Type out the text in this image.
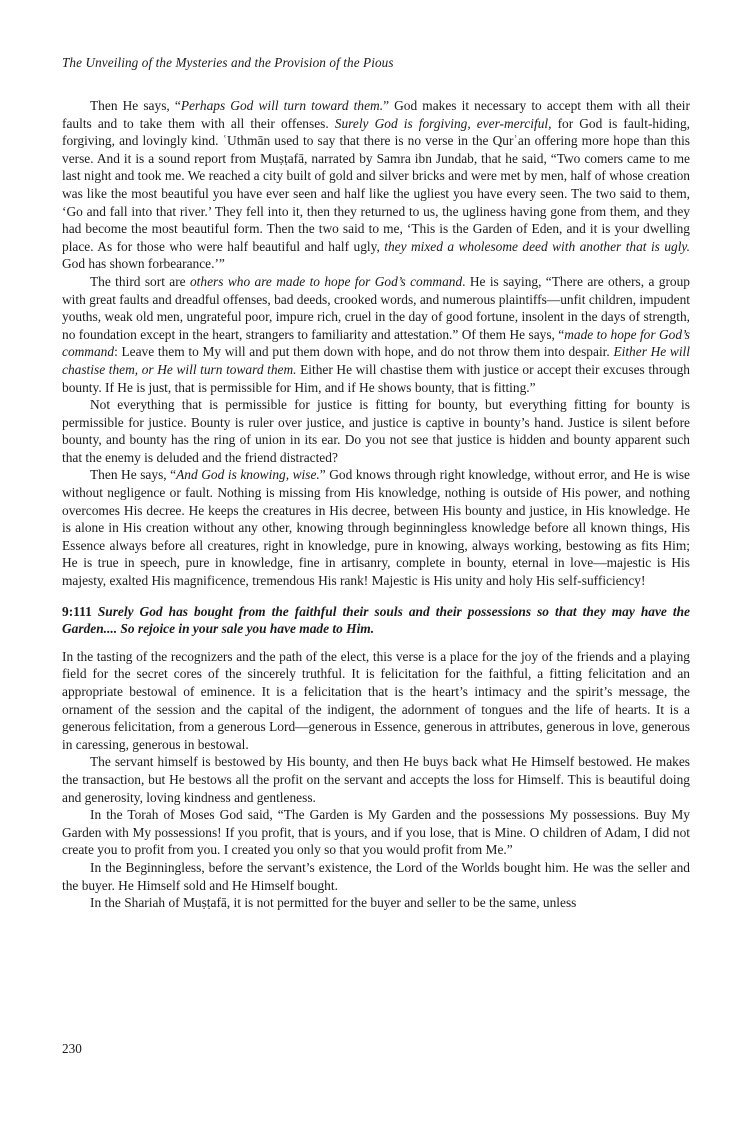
The Unveiling of the Mysteries and the Provision of the Pious

Then He says, “Perhaps God will turn toward them.” God makes it necessary to accept them with all their faults and to take them with all their offenses. Surely God is forgiving, ever-merciful, for God is fault-hiding, forgiving, and lovingly kind. ʿUthmān used to say that there is no verse in the Qurʾan offering more hope than this verse. And it is a sound report from Muṣṭafā, narrated by Samra ibn Jundab, that he said, “Two comers came to me last night and took me. We reached a city built of gold and silver bricks and were met by men, half of whose creation was like the most beautiful you have ever seen and half like the ugliest you have every seen. The two said to them, ‘Go and fall into that river.’ They fell into it, then they returned to us, the ugliness having gone from them, and they had become the most beautiful form. Then the two said to me, ‘This is the Garden of Eden, and it is your dwelling place. As for those who were half beautiful and half ugly, they mixed a wholesome deed with another that is ugly. God has shown forbearance.’”

The third sort are others who are made to hope for God’s command. He is saying, “There are others, a group with great faults and dreadful offenses, bad deeds, crooked words, and numerous plaintiffs—unfit children, impudent youths, weak old men, ungrateful poor, impure rich, cruel in the day of good fortune, insolent in the days of strength, no foundation except in the heart, strangers to familiarity and attestation.” Of them He says, “made to hope for God’s command: Leave them to My will and put them down with hope, and do not throw them into despair. Either He will chastise them, or He will turn toward them. Either He will chastise them with justice or accept their excuses through bounty. If He is just, that is permissible for Him, and if He shows bounty, that is fitting.”

Not everything that is permissible for justice is fitting for bounty, but everything fitting for bounty is permissible for justice. Bounty is ruler over justice, and justice is captive in bounty’s hand. Justice is silent before bounty, and bounty has the ring of union in its ear. Do you not see that justice is hidden and bounty apparent such that the enemy is deluded and the friend distracted?

Then He says, “And God is knowing, wise.” God knows through right knowledge, without error, and He is wise without negligence or fault. Nothing is missing from His knowledge, nothing is outside of His power, and nothing overcomes His decree. He keeps the creatures in His decree, between His bounty and justice, in His knowledge. He is alone in His creation without any other, knowing through beginningless knowledge before all known things, His Essence always before all creatures, right in knowledge, pure in knowing, always working, bestowing as fits Him; He is true in speech, pure in knowledge, fine in artisanry, complete in bounty, eternal in love—majestic is His majesty, exalted His magnificence, tremendous His rank! Majestic is His unity and holy His self-sufficiency!

9:111 Surely God has bought from the faithful their souls and their possessions so that they may have the Garden.... So rejoice in your sale you have made to Him.

In the tasting of the recognizers and the path of the elect, this verse is a place for the joy of the friends and a playing field for the secret cores of the sincerely truthful. It is felicitation for the faithful, a fitting felicitation and an appropriate bestowal of eminence. It is a felicitation that is the heart’s intimacy and the spirit’s message, the ornament of the session and the capital of the indigent, the adornment of tongues and the life of hearts. It is a generous felicitation, from a generous Lord—generous in Essence, generous in attributes, generous in love, generous in caressing, generous in bestowal.

The servant himself is bestowed by His bounty, and then He buys back what He Himself bestowed. He makes the transaction, but He bestows all the profit on the servant and accepts the loss for Himself. This is beautiful doing and generosity, loving kindness and gentleness.

In the Torah of Moses God said, “The Garden is My Garden and the possessions My possessions. Buy My Garden with My possessions! If you profit, that is yours, and if you lose, that is Mine. O children of Adam, I did not create you to profit from you. I created you only so that you would profit from Me.”

In the Beginningless, before the servant’s existence, the Lord of the Worlds bought him. He was the seller and the buyer. He Himself sold and He Himself bought.

In the Shariah of Muṣṭafā, it is not permitted for the buyer and seller to be the same, unless

230
